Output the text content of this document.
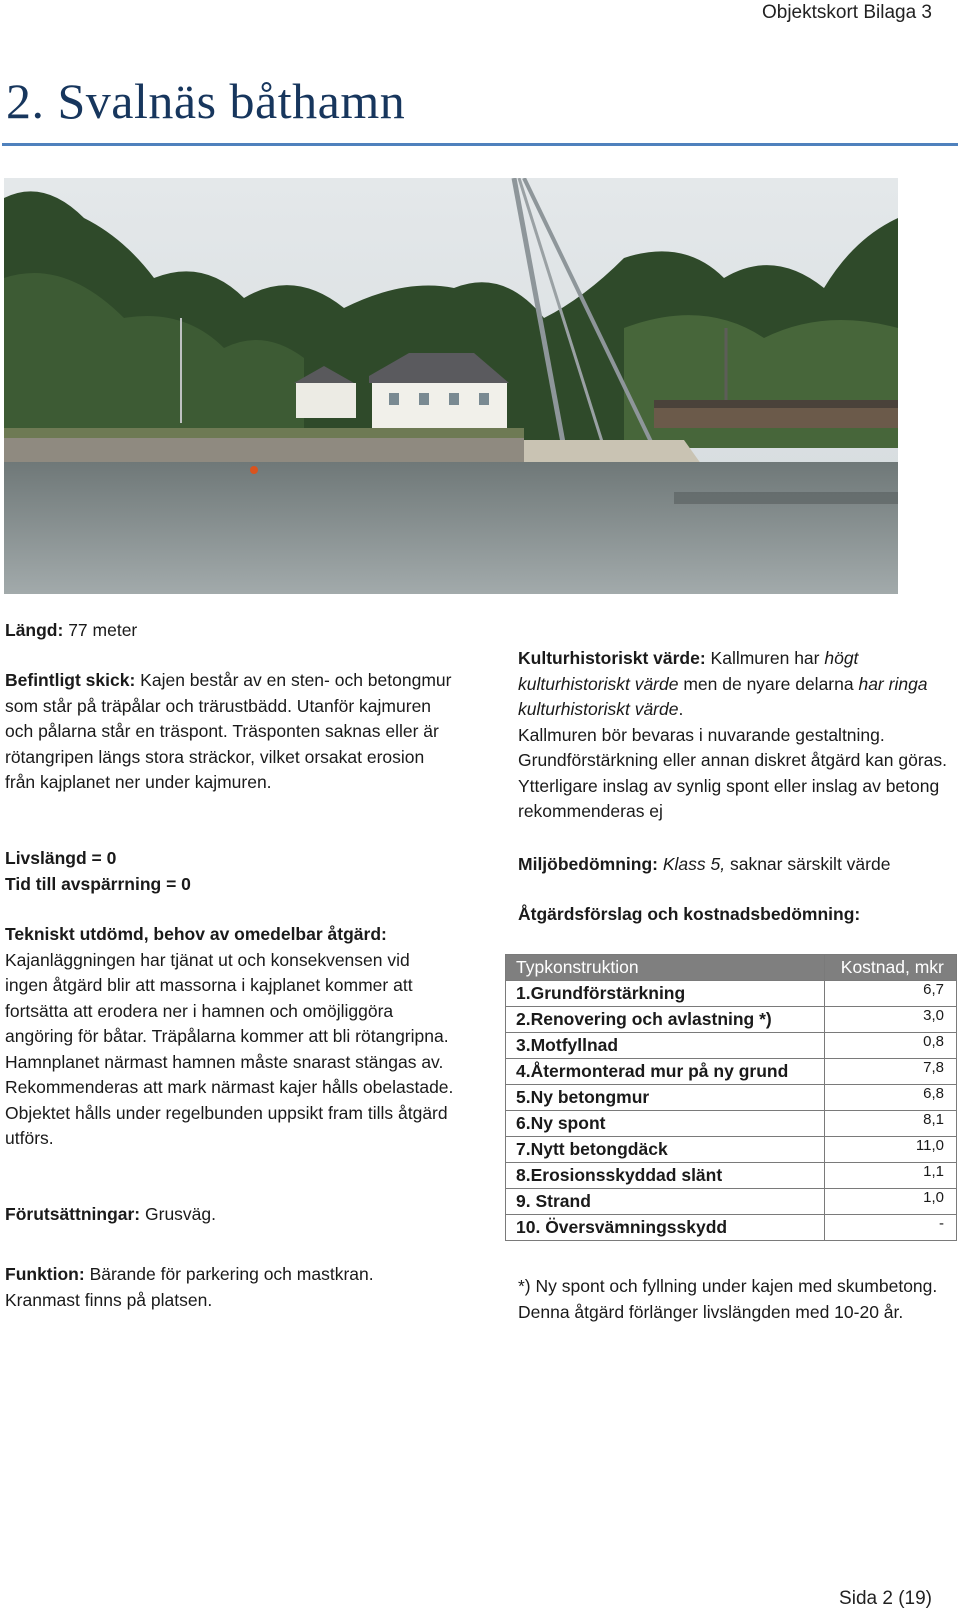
Objektskort Bilaga 3
2. Svalnäs båthamn

Längd: 77 meter

Befintligt skick: Kajen består av en sten- och betongmur som står på träpålar och trärustbädd. Utanför kajmuren och pålarna står en träspont. Träsponten saknas eller är rötangripen längs stora sträckor, vilket orsakat erosion från kajplanet ner under kajmuren.

Livslängd = 0

Tid till avspärrning = 0

Tekniskt utdömd, behov av omedelbar åtgärd:

Kajanläggningen har tjänat ut och konsekvensen vid ingen åtgärd blir att massorna i kajplanet kommer att fortsätta att erodera ner i hamnen och omöjliggöra angöring för båtar. Träpålarna kommer att bli rötangripna. Hamnplanet närmast hamnen måste snarast stängas av. Rekommenderas att mark närmast kajer hålls obelastade.

Objektet hålls under regelbunden uppsikt fram tills åtgärd utförs.

Förutsättningar: Grusväg.

Funktion: Bärande för parkering och mastkran.

Kranmast finns på platsen.

Kulturhistoriskt värde: Kallmuren har högt kulturhistoriskt värde men de nyare delarna har ringa kulturhistoriskt värde.

Kallmuren bör bevaras i nuvarande gestaltning. Grundförstärkning eller annan diskret åtgärd kan göras. Ytterligare inslag av synlig spont eller inslag av betong rekommenderas ej

Miljöbedömning: Klass 5, saknar särskilt värde

Åtgärdsförslag och kostnadsbedömning:

Typkonstruktion	Kostnad, mkr
1.Grundförstärkning	6,7
2.Renovering och avlastning *)	3,0
3.Motfyllnad	0,8
4.Återmonterad mur på ny grund	7,8
5.Ny betongmur	6,8
6.Ny spont	8,1
7.Nytt betongdäck	11,0
8.Erosionsskyddad slänt	1,1
9. Strand	1,0
10. Översvämningsskydd	-

*) Ny spont och fyllning under kajen med skumbetong. Denna åtgärd förlänger livslängden med 10-20 år.

Sida 2 (19)
